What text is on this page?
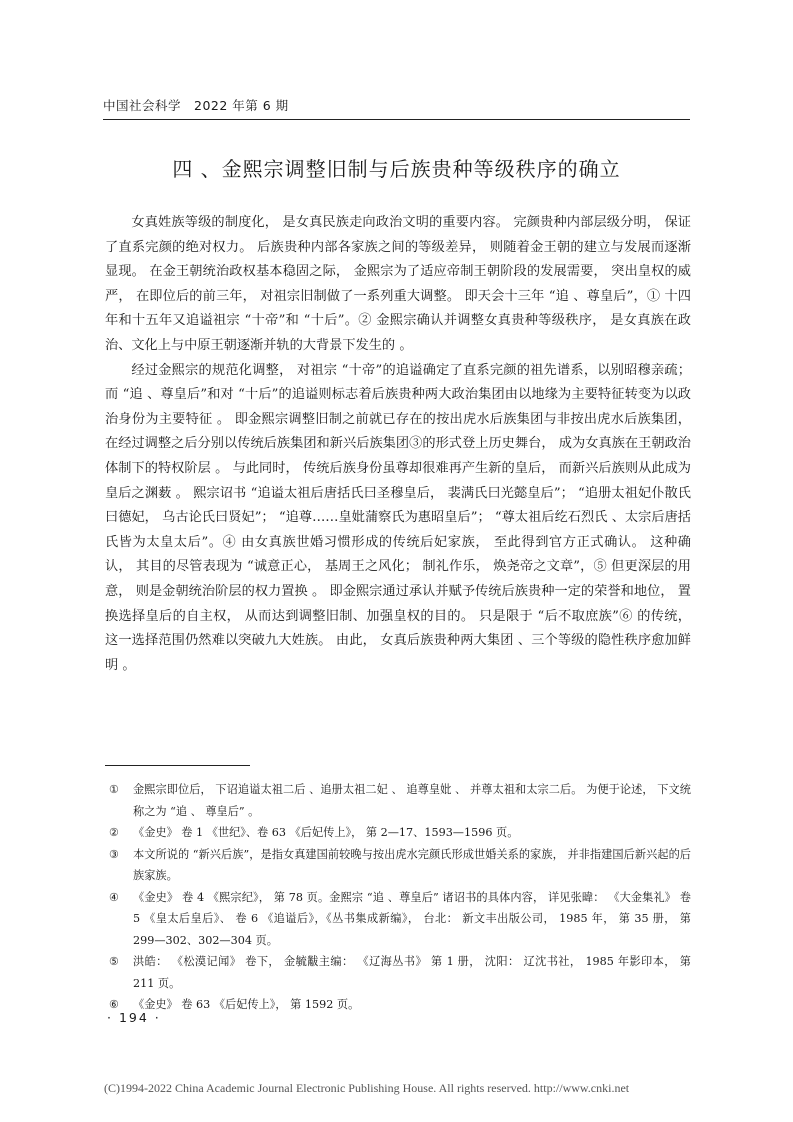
中国社会科学　2022 年第 6 期
四 、金熙宗调整旧制与后族贵种等级秩序的确立

女真姓族等级的制度化， 是女真民族走向政治文明的重要内容。 完颜贵种内部层级分明， 保证了直系完颜的绝对权力。 后族贵种内部各家族之间的等级差异， 则随着金王朝的建立与发展而逐渐显现。 在金王朝统治政权基本稳固之际， 金熙宗为了适应帝制王朝阶段的发展需要， 突出皇权的威严， 在即位后的前三年， 对祖宗旧制做了一系列重大调整。 即天会十三年 “追 、尊皇后”，① 十四年和十五年又追谥祖宗 “十帝”和 “十后”。② 金熙宗确认并调整女真贵种等级秩序， 是女真族在政治、文化上与中原王朝逐渐并轨的大背景下发生的 。

经过金熙宗的规范化调整， 对祖宗 “十帝”的追谥确定了直系完颜的祖先谱系，以别昭穆亲疏； 而 “追 、尊皇后”和对 “十后”的追谥则标志着后族贵种两大政治集团由以地缘为主要特征转变为以政治身份为主要特征 。 即金熙宗调整旧制之前就已存在的按出虎水后族集团与非按出虎水后族集团， 在经过调整之后分别以传统后族集团和新兴后族集团③的形式登上历史舞台， 成为女真族在王朝政治体制下的特权阶层 。 与此同时， 传统后族身份虽尊却很难再产生新的皇后， 而新兴后族则从此成为皇后之渊薮 。 熙宗诏书 “追谥太祖后唐括氏曰圣穆皇后， 裴满氏曰光懿皇后”； “追册太祖妃仆散氏曰德妃， 乌古论氏曰贤妃”； “追尊……皇妣蒲察氏为惠昭皇后”； “尊太祖后纥石烈氏 、太宗后唐括氏皆为太皇太后”。④ 由女真族世婚习惯形成的传统后妃家族， 至此得到官方正式确认。 这种确认， 其目的尽管表现为 “诚意正心， 基周王之风化； 制礼作乐， 焕尧帝之文章”，⑤ 但更深层的用意， 则是金朝统治阶层的权力置换 。 即金熙宗通过承认并赋予传统后族贵种一定的荣誉和地位， 置换选择皇后的自主权， 从而达到调整旧制、加强皇权的目的。 只是限于 “后不取庶族”⑥ 的传统， 这一选择范围仍然难以突破九大姓族。 由此， 女真后族贵种两大集团 、三个等级的隐性秩序愈加鲜明 。

①	金熙宗即位后， 下诏追谥太祖二后 、追册太祖二妃 、 追尊皇妣 、 并尊太祖和太宗二后。 为便于论述， 下文统称之为 “追 、 尊皇后” 。
②	《金史》 卷 1 《世纪》、卷 63 《后妃传上》， 第 2—17、1593—1596 页。
③	本文所说的 “新兴后族”，是指女真建国前较晚与按出虎水完颜氏形成世婚关系的家族， 并非指建国后新兴起的后族家族。
④	《金史》 卷 4 《熙宗纪》， 第 78 页。金熙宗 “追 、尊皇后” 诸诏书的具体内容， 详见张暐： 《大金集礼》 卷 5 《皇太后皇后》、 卷 6 《追谥后》，《丛书集成新编》， 台北： 新文丰出版公司， 1985 年， 第 35 册， 第 299—302、302—304 页。
⑤	洪皓： 《松漠记闻》 卷下， 金毓黻主编： 《辽海丛书》 第 1 册， 沈阳： 辽沈书社， 1985 年影印本， 第 211 页。
⑥	《金史》 卷 63 《后妃传上》， 第 1592 页。
· 194 ·
(C)1994-2022 China Academic Journal Electronic Publishing House. All rights reserved. http://www.cnki.net
